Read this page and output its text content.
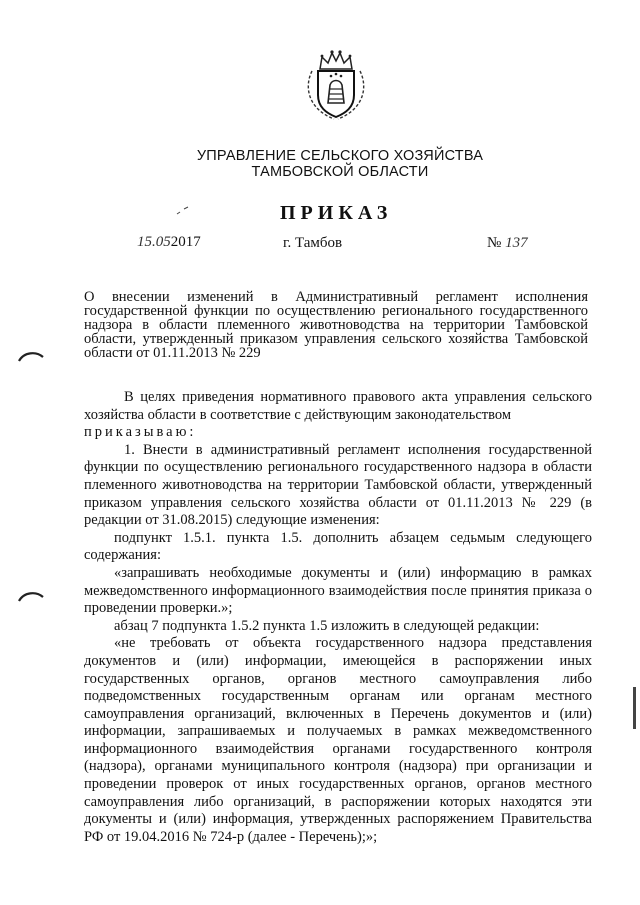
УПРАВЛЕНИЕ СЕЛЬСКОГО ХОЗЯЙСТВА
ТАМБОВСКОЙ ОБЛАСТИ
ПРИКАЗ
15.052017	г. Тамбов	№ 137

О внесении изменений в Административный регламент исполнения государственной функции по осуществлению регионального государственного надзора в области племенного животноводства на территории Тамбовской области, утвержденный приказом управления сельского хозяйства Тамбовской области от 01.11.2013 № 229

В целях приведения нормативного правового акта управления сельского хозяйства области в соответствие с действующим законодательством

приказываю:

1. Внести в административный регламент исполнения государственной функции по осуществлению регионального государственного надзора в области племенного животноводства на территории Тамбовской области, утвержденный приказом управления сельского хозяйства области от 01.11.2013 № 229 (в редакции от 31.08.2015) следующие изменения:

подпункт 1.5.1. пункта 1.5. дополнить абзацем седьмым следующего содержания:

«запрашивать необходимые документы и (или) информацию в рамках межведомственного информационного взаимодействия после принятия приказа о проведении проверки.»;

абзац 7 подпункта 1.5.2 пункта 1.5 изложить в следующей редакции:

«не требовать от объекта государственного надзора представления документов и (или) информации, имеющейся в распоряжении иных государственных органов, органов местного самоуправления либо подведомственных государственным органам или органам местного самоуправления организаций, включенных в Перечень документов и (или) информации, запрашиваемых и получаемых в рамках межведомственного информационного взаимодействия органами государственного контроля (надзора), органами муниципального контроля (надзора) при организации и проведении проверок от иных государственных органов, органов местного самоуправления либо организаций, в распоряжении которых находятся эти документы и (или) информация, утвержденных распоряжением Правительства РФ от 19.04.2016 № 724-р (далее - Перечень);»;
